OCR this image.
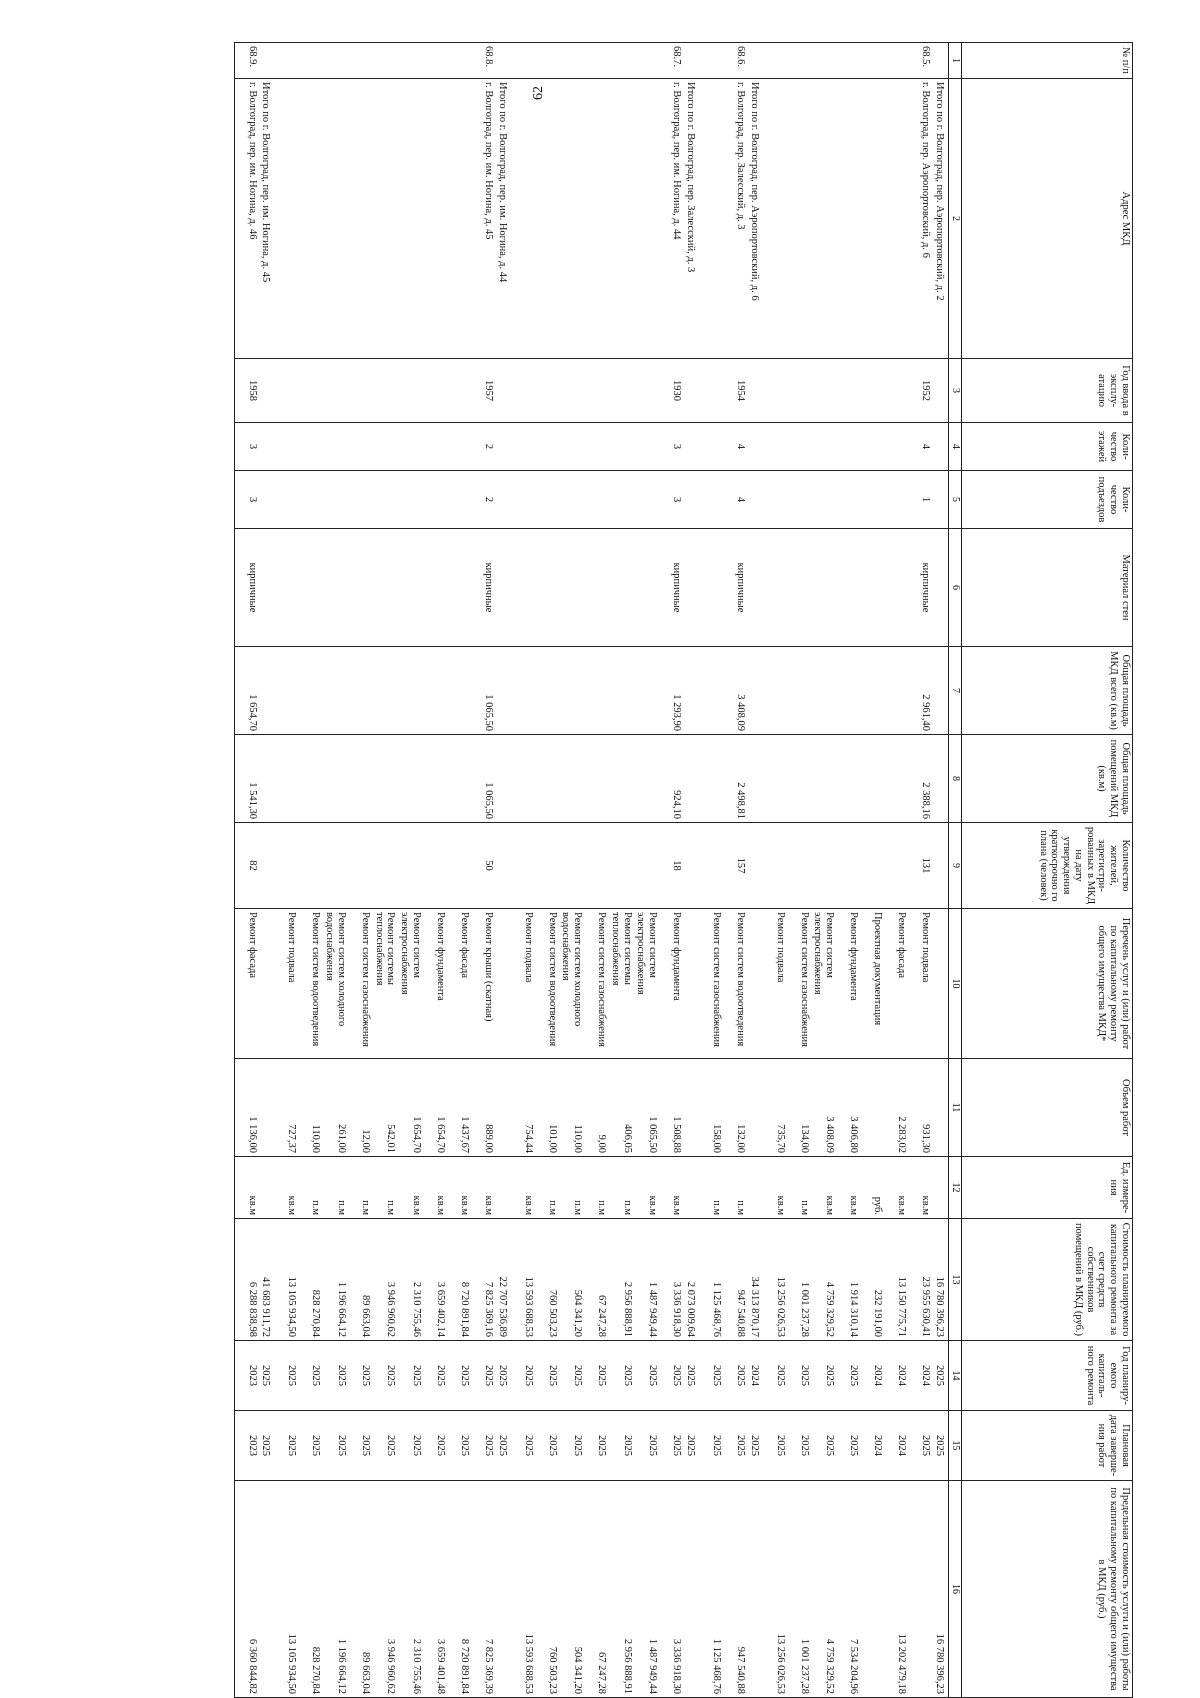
62
№ п/п	Адрес МКД	Год ввода в эксплу-атацию	Коли-чество этажей	Коли-чество подъездов	Материал стен	Общая площадь МКД всего (кв.м)	Общая площадь помещений МКД (кв.м)	Количество жителей, зарегистри-рованных в МКД на дату утверждения краткосрочно го плана (человек)	Перечень услуг и (или) работ по капитальному ремонту общего имущества МКД*	Объем работ	Ед. измере-ния	Стоимость планируемого капитального ремонта за счет средств собственников помещений в МКД (руб.)	Год планиру-емого капиталь-ного ремонта	Плановая дата заверше-ния работ	Предельная стоимость услуги и (или) работы по капитальному ремонту общего имущества в МКД (руб.)
1	2	3	4	5	6	7	8	9	10	11	12	13	14	15	16
	Итого по г. Волгоград, пер. Аэропортовский, д. 2											16 780 396,23	2025	2025	16 780 396,23
68.5.	г. Волгоград, пер. Аэропортовский, д. 6	1952	4	1	кирпичные	2 961,40	2 388,16	131	Ремонт подвала	931,30	кв.м	23 955 630,41	2024	2025	
									Ремонт фасада	2 283,02	кв.м	13 150 775,71	2024	2024	13 202 479,18
									Проектная документация		руб.	232 191,00	2024	2024	
									Ремонт фундамента	3 406,80	кв.м	1 914 310,14	2025	2025	7 534 204,96
									Ремонт систем электроснабжения	3 408,09	кв.м	4 759 329,52	2025	2025	4 759 329,52
									Ремонт систем газоснабжения	134,00	п.м	1 001 237,28	2025	2025	1 001 237,28
									Ремонт подвала	735,70	кв.м	13 256 026,53	2025	2025	13 256 026,53
	Итого по г. Волгоград, пер. Аэропортовский, д. 6											34 313 870,17	2024	2025	
68.6.	г. Волгоград, пер. Залесский, д. 3	1954	4	4	кирпичные	3 408,09	2 498,81	157	Ремонт систем водоотведения	132,00	п.м	947 540,88	2025	2025	947 540,88
									Ремонт систем газоснабжения	158,00	п.м	1 125 468,76	2025	2025	1 125 468,76
	Итого по г. Волгоград, пер. Залесский, д. 3											2 073 009,64	2025	2025	
68.7.	г. Волгоград, пер. им. Ногина, д. 44	1930	3	3	кирпичные	1 293,90	924,10	18	Ремонт фундамента	1 508,88	кв.м	3 336 918,30	2025	2025	3 336 918,30
									Ремонт систем электроснабжения	1 065,50	кв.м	1 487 949,44	2025	2025	1 487 949,44
									Ремонт системы теплоснабжения	406,05	п.м	2 956 888,91	2025	2025	2 956 888,91
									Ремонт систем газоснабжения	9,00	п.м	67 247,28	2025	2025	67 247,28
									Ремонт систем холодного водоснабжения	110,00	п.м	504 341,20	2025	2025	504 341,20
									Ремонт систем водоотведения	101,00	п.м	760 503,23	2025	2025	760 503,23
									Ремонт подвала	754,44	кв.м	13 593 688,53	2025	2025	13 593 688,53
	Итого по г. Волгоград, пер. им. Ногина, д. 44											22 707 536,89	2025	2025	
68.8.	г. Волгоград, пер. им. Ногина, д. 45	1957	2	2	кирпичные	1 065,50	1 065,50	50	Ремонт крыши (скатная)	889,00	кв.м	7 825 369,16	2025	2025	7 825 369,39
									Ремонт фасада	1 437,67	кв.м	8 720 891,84	2025	2025	8 720 891,84
									Ремонт фундамента	1 654,70	кв.м	3 659 402,14	2025	2025	3 659 401,48
									Ремонт систем электроснабжения	1 654,70	кв.м	2 310 755,46	2025	2025	2 310 755,46
									Ремонт системы теплоснабжения	542,01	п.м	3 946 960,62	2025	2025	3 946 960,62
									Ремонт систем газоснабжения	12,00	п.м	89 663,04	2025	2025	89 663,04
									Ремонт систем холодного водоснабжения	261,00	п.м	1 196 664,12	2025	2025	1 196 664,12
									Ремонт систем водоотведения	110,00	п.м	828 270,84	2025	2025	828 270,84
									Ремонт подвала	727,37	кв.м	13 105 934,50	2025	2025	13 105 934,50
	Итого по г. Волгоград, пер. им. Ногина, д. 45											41 683 911,72	2025	2025	
68.9.	г. Волгоград, пер. им. Ногина, д. 46	1958	3	3	кирпичные	1 654,70	1 541,30	82	Ремонт фасада	1 136,00	кв.м	6 288 838,98	2023	2023	6 360 844,82
